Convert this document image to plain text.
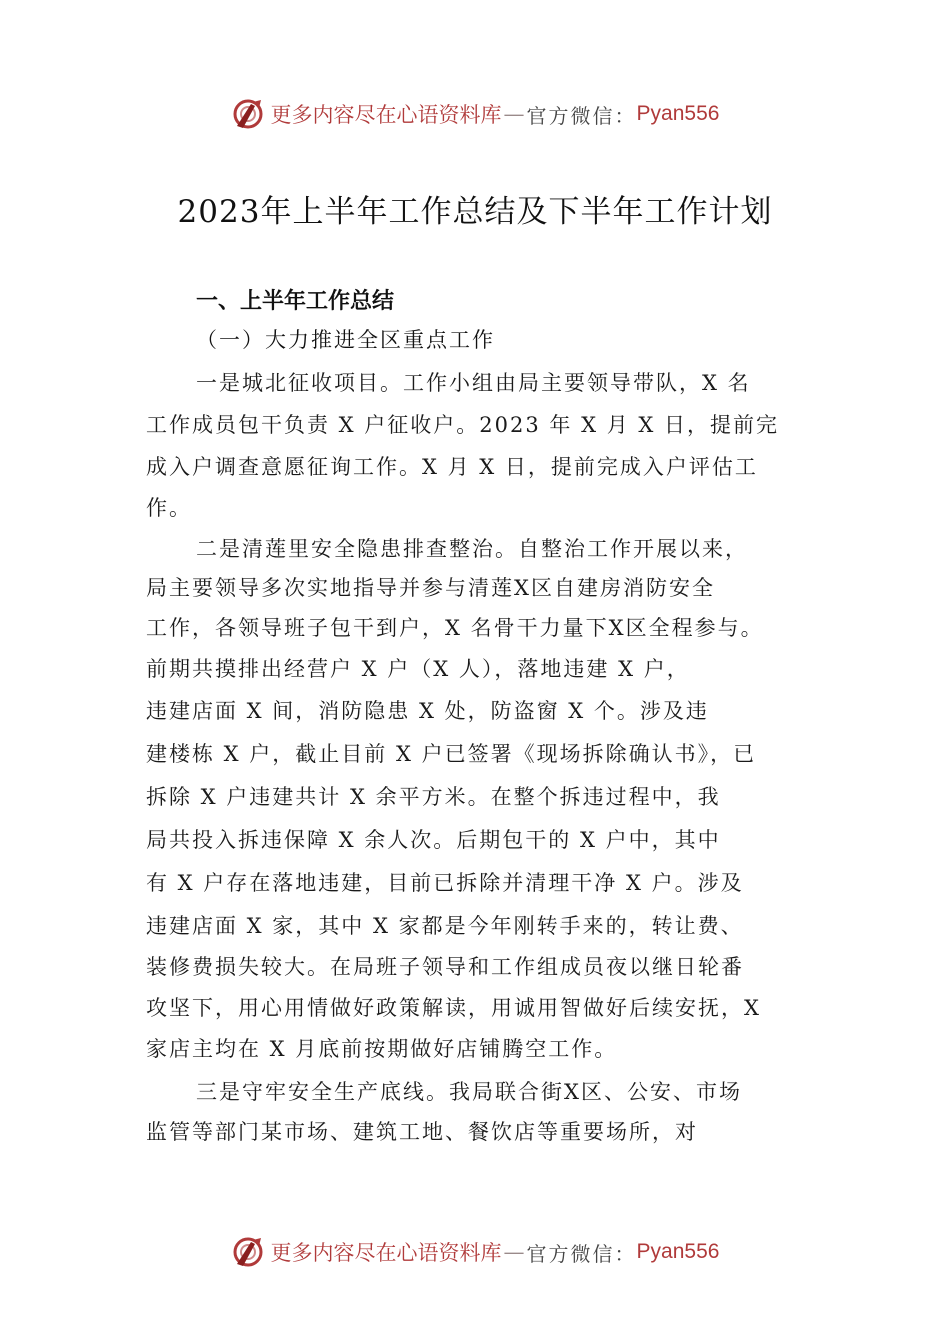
更多内容尽在心语资料库 — 官方微信： Pyan556
2023年上半年工作总结及下半年工作计划
一、上半年工作总结
（一）大力推进全区重点工作
一是城北征收项目。工作小组由局主要领导带队，X 名
工作成员包干负责 X 户征收户。2023 年 X 月 X 日，提前完
成入户调查意愿征询工作。X 月 X 日，提前完成入户评估工
作。
二是清莲里安全隐患排查整治。自整治工作开展以来，
局主要领导多次实地指导并参与清莲Ⅹ区自建房消防安全
工作，各领导班子包干到户，X 名骨干力量下Ⅹ区全程参与。
前期共摸排出经营户 X 户（X 人），落地违建 X 户，
违建店面 X 间，消防隐患 X 处，防盗窗 X 个。涉及违
建楼栋 X 户，截止目前 X 户已签署《现场拆除确认书》，已
拆除 X 户违建共计 X 余平方米。在整个拆违过程中，我
局共投入拆违保障 X 余人次。后期包干的 X 户中，其中
有 X 户存在落地违建，目前已拆除并清理干净 X 户。涉及
违建店面 X 家，其中 X 家都是今年刚转手来的，转让费、
装修费损失较大。在局班子领导和工作组成员夜以继日轮番
攻坚下，用心用情做好政策解读，用诚用智做好后续安抚，X
家店主均在 X 月底前按期做好店铺腾空工作。
三是守牢安全生产底线。我局联合街Ⅹ区、公安、市场
监管等部门某市场、建筑工地、餐饮店等重要场所，对
更多内容尽在心语资料库 — 官方微信： Pyan556
